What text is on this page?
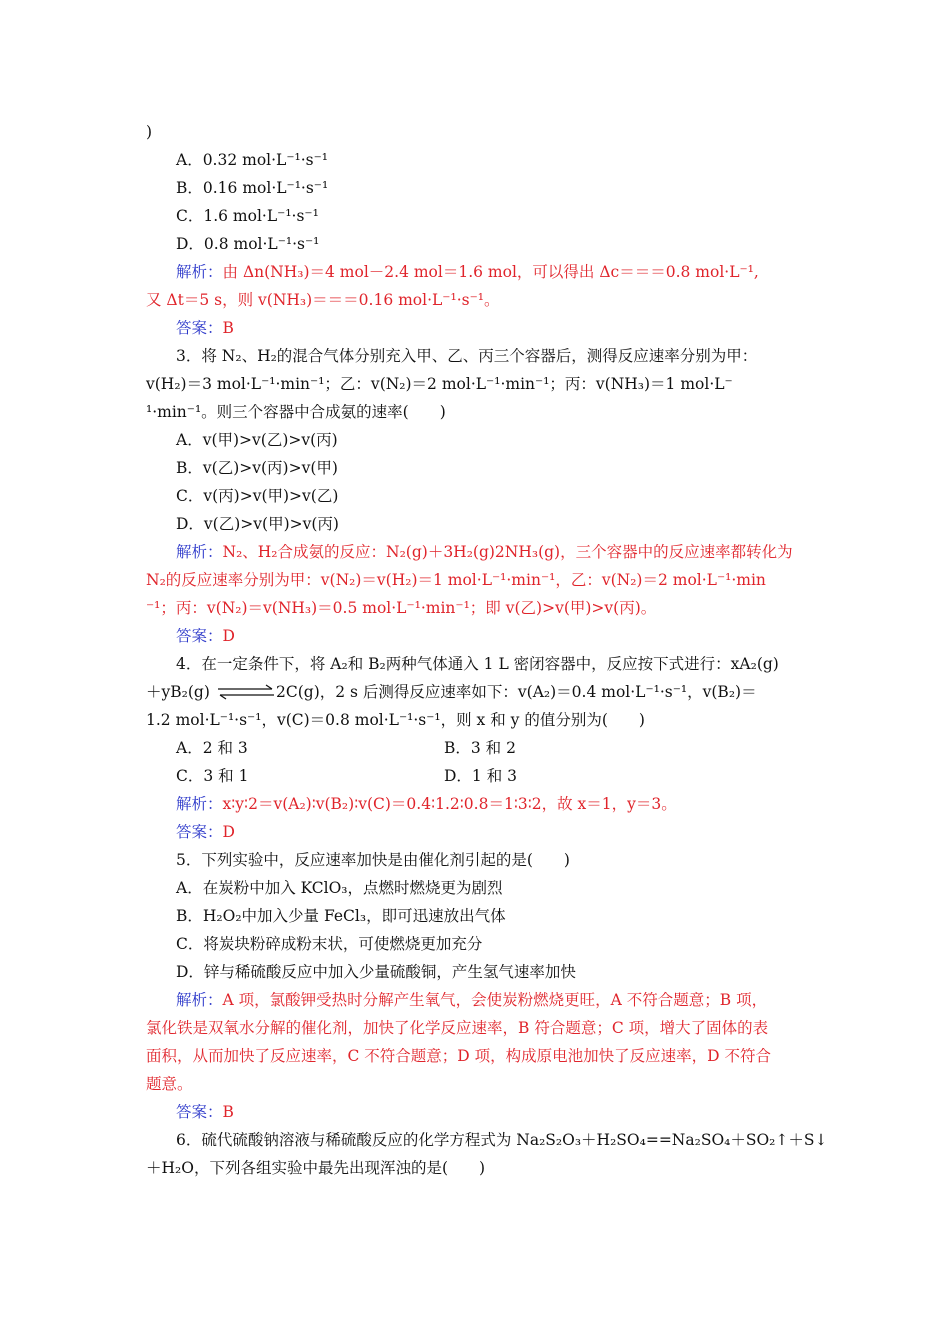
)
A．0.32 mol·L⁻¹·s⁻¹
B．0.16 mol·L⁻¹·s⁻¹
C．1.6 mol·L⁻¹·s⁻¹
D．0.8 mol·L⁻¹·s⁻¹
解析：由 Δn(NH₃)＝4 mol－2.4 mol＝1.6 mol，可以得出 Δc＝＝＝0.8 mol·L⁻¹,
又 Δt＝5 s，则 v(NH₃)＝＝＝0.16 mol·L⁻¹·s⁻¹。
答案：B
3．将 N₂、H₂的混合气体分别充入甲、乙、丙三个容器后，测得反应速率分别为甲：
v(H₂)＝3 mol·L⁻¹·min⁻¹；乙：v(N₂)＝2 mol·L⁻¹·min⁻¹；丙：v(NH₃)＝1 mol·L⁻
¹·min⁻¹。则三个容器中合成氨的速率(　　)
A．v(甲)>v(乙)>v(丙)
B．v(乙)>v(丙)>v(甲)
C．v(丙)>v(甲)>v(乙)
D．v(乙)>v(甲)>v(丙)
解析：N₂、H₂合成氨的反应：N₂(g)＋3H₂(g)2NH₃(g)，三个容器中的反应速率都转化为
N₂的反应速率分别为甲：v(N₂)＝v(H₂)＝1 mol·L⁻¹·min⁻¹，乙：v(N₂)＝2 mol·L⁻¹·min
⁻¹；丙：v(N₂)＝v(NH₃)＝0.5 mol·L⁻¹·min⁻¹；即 v(乙)>v(甲)>v(丙)。
答案：D
4．在一定条件下，将 A₂和 B₂两种气体通入 1 L 密闭容器中，反应按下式进行：xA₂(g)
＋yB₂(g) ⇌ 2C(g)，2 s 后测得反应速率如下：v(A₂)＝0.4 mol·L⁻¹·s⁻¹，v(B₂)＝
1.2 mol·L⁻¹·s⁻¹，v(C)＝0.8 mol·L⁻¹·s⁻¹，则 x 和 y 的值分别为(　　)
A．2 和 3	B．3 和 2
C．3 和 1	D．1 和 3
解析：x∶y∶2＝v(A₂)∶v(B₂)∶v(C)＝0.4∶1.2∶0.8＝1∶3∶2，故 x＝1，y＝3。
答案：D
5．下列实验中，反应速率加快是由催化剂引起的是(　　)
A．在炭粉中加入 KClO₃，点燃时燃烧更为剧烈
B．H₂O₂中加入少量 FeCl₃，即可迅速放出气体
C．将炭块粉碎成粉末状，可使燃烧更加充分
D．锌与稀硫酸反应中加入少量硫酸铜，产生氢气速率加快
解析：A 项，氯酸钾受热时分解产生氧气，会使炭粉燃烧更旺，A 不符合题意；B 项，
氯化铁是双氧水分解的催化剂，加快了化学反应速率，B 符合题意；C 项，增大了固体的表
面积，从而加快了反应速率，C 不符合题意；D 项，构成原电池加快了反应速率，D 不符合
题意。
答案：B
6．硫代硫酸钠溶液与稀硫酸反应的化学方程式为 Na₂S₂O₃＋H₂SO₄==Na₂SO₄＋SO₂↑＋S↓
＋H₂O，下列各组实验中最先出现浑浊的是(　　)
